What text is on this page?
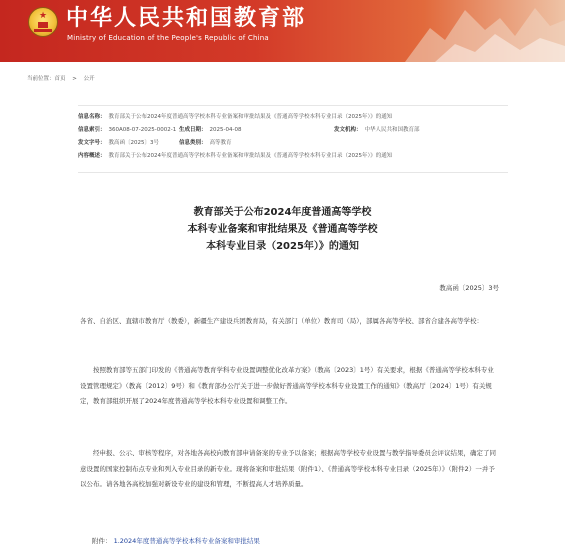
★ 中华人民共和国教育部
Ministry of Education of the People's Republic of China
当前位置：首页 > 公开
信息名称： 教育部关于公布2024年度普通高等学校本科专业备案和审批结果及《普通高等学校本科专业目录（2025年）》的通知
信息索引： 360A08-07-2025-0002-1 生成日期： 2025-04-08	发文机构： 中华人民共和国教育部
发文字号： 教高函〔2025〕3号	信息类别： 高等教育
内容概述： 教育部关于公布2024年度普通高等学校本科专业备案和审批结果及《普通高等学校本科专业目录（2025年）》的通知
教育部关于公布2024年度普通高等学校
本科专业备案和审批结果及《普通高等学校
本科专业目录（2025年）》的通知
教高函〔2025〕3号
各省、自治区、直辖市教育厅（教委），新疆生产建设兵团教育局，有关部门（单位）教育司（局），部属各高等学校、部省合建各高等学校：
按照教育部等五部门印发的《普通高等教育学科专业设置调整优化改革方案》（教高〔2023〕1号）有关要求，根据《普通高等学校本科专业设置管理规定》（教高〔2012〕9号）和《教育部办公厅关于进一步做好普通高等学校本科专业设置工作的通知》（教高厅〔2024〕1号）有关规定，教育部组织开展了2024年度普通高等学校本科专业设置和调整工作。
经申报、公示、审核等程序，对各地各高校向教育部申请备案的专业予以备案；根据高等学校专业设置与教学指导委员会评议结果，确定了同意设置的国家控制布点专业和列入专业目录的新专业。现将备案和审批结果（附件1）、《普通高等学校本科专业目录（2025年）》（附件2）一并予以公布。请各地各高校加强对新设专业的建设和管理，不断提高人才培养质量。
附件： 1.2024年度普通高等学校本科专业备案和审批结果
